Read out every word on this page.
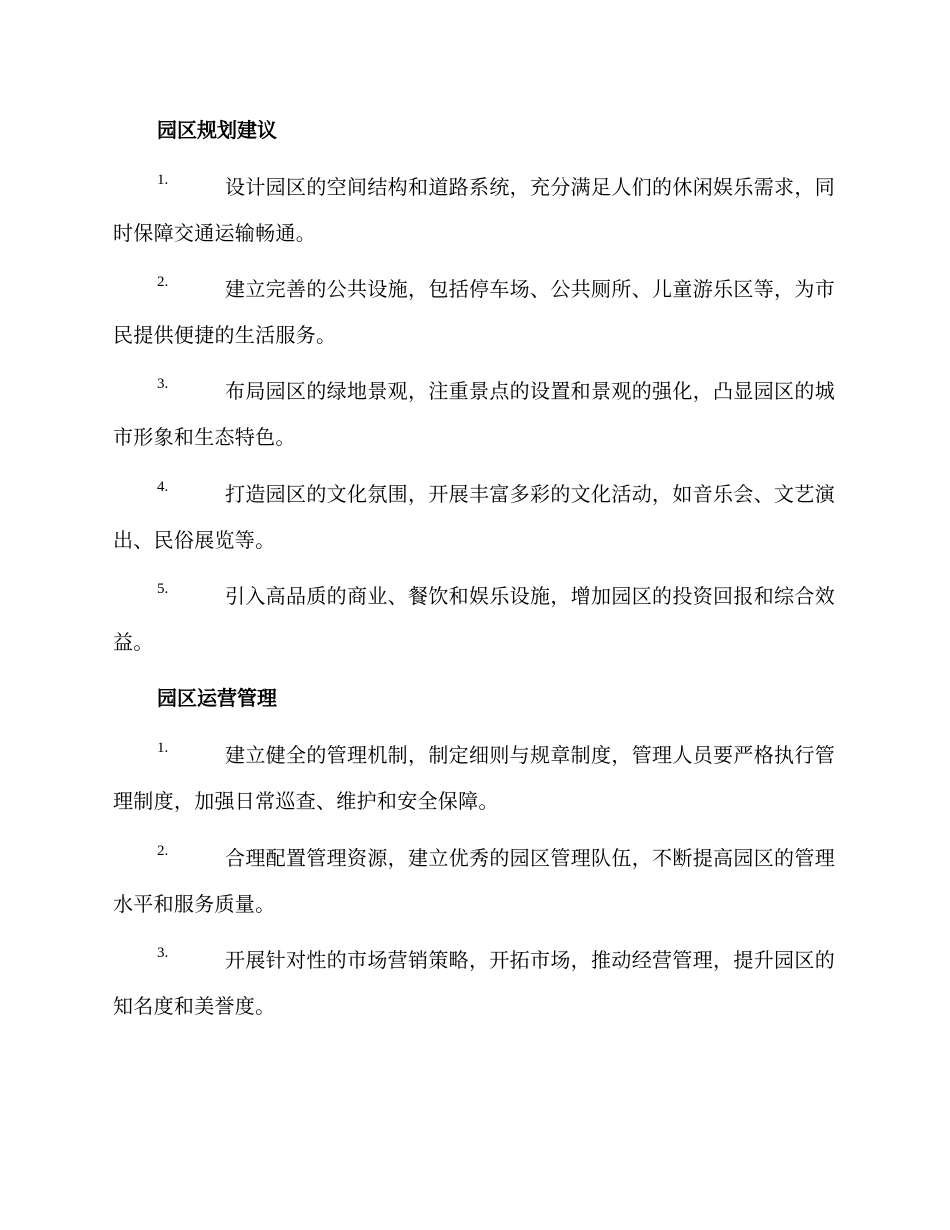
园区规划建议
1.	设计园区的空间结构和道路系统，充分满足人们的休闲娱乐需求，同时保障交通运输畅通。

2.	建立完善的公共设施，包括停车场、公共厕所、儿童游乐区等，为市民提供便捷的生活服务。

3.	布局园区的绿地景观，注重景点的设置和景观的强化，凸显园区的城市形象和生态特色。

4.	打造园区的文化氛围，开展丰富多彩的文化活动，如音乐会、文艺演出、民俗展览等。

5.	引入高品质的商业、餐饮和娱乐设施，增加园区的投资回报和综合效益。

园区运营管理
1.	建立健全的管理机制，制定细则与规章制度，管理人员要严格执行管理制度，加强日常巡查、维护和安全保障。

2.	合理配置管理资源，建立优秀的园区管理队伍，不断提高园区的管理水平和服务质量。

3.	开展针对性的市场营销策略，开拓市场，推动经营管理，提升园区的知名度和美誉度。
